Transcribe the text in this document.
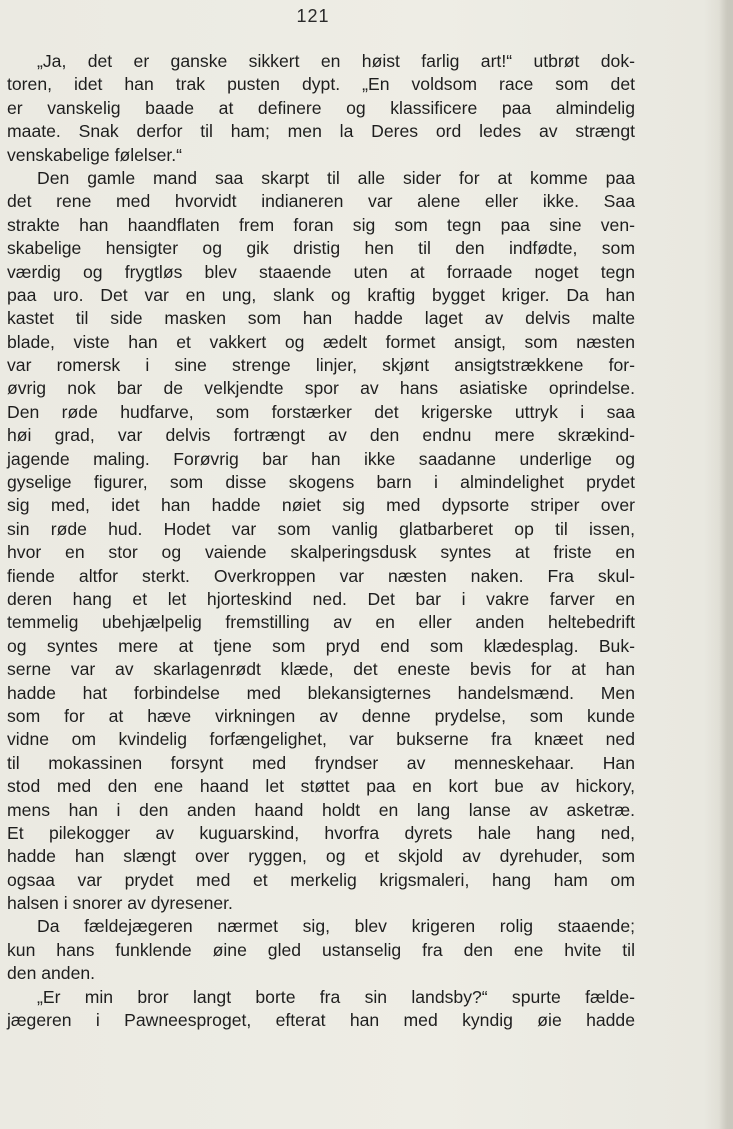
121

„Ja, det er ganske sikkert en høist farlig art!“ utbrøt dok-
toren, idet han trak pusten dypt. „En voldsom race som det
er vanskelig baade at definere og klassificere paa almindelig
maate. Snak derfor til ham; men la Deres ord ledes av strængt
venskabelige følelser.“
Den gamle mand saa skarpt til alle sider for at komme paa
det rene med hvorvidt indianeren var alene eller ikke. Saa
strakte han haandflaten frem foran sig som tegn paa sine ven-
skabelige hensigter og gik dristig hen til den indfødte, som
værdig og frygtløs blev staaende uten at forraade noget tegn
paa uro. Det var en ung, slank og kraftig bygget kriger. Da han
kastet til side masken som han hadde laget av delvis malte
blade, viste han et vakkert og ædelt formet ansigt, som næsten
var romersk i sine strenge linjer, skjønt ansigtstrækkene for-
øvrig nok bar de velkjendte spor av hans asiatiske oprindelse.
Den røde hudfarve, som forstærker det krigerske uttryk i saa
høi grad, var delvis fortrængt av den endnu mere skrækind-
jagende maling. Forøvrig bar han ikke saadanne underlige og
gyselige figurer, som disse skogens barn i almindelighet prydet
sig med, idet han hadde nøiet sig med dypsorte striper over
sin røde hud. Hodet var som vanlig glatbarberet op til issen,
hvor en stor og vaiende skalperingsdusk syntes at friste en
fiende altfor sterkt. Overkroppen var næsten naken. Fra skul-
deren hang et let hjorteskind ned. Det bar i vakre farver en
temmelig ubehjælpelig fremstilling av en eller anden heltebedrift
og syntes mere at tjene som pryd end som klædesplag. Buk-
serne var av skarlagenrødt klæde, det eneste bevis for at han
hadde hat forbindelse med blekansigternes handelsmænd. Men
som for at hæve virkningen av denne prydelse, som kunde
vidne om kvindelig forfængelighet, var bukserne fra knæet ned
til mokassinen forsynt med fryndser av menneskehaar. Han
stod med den ene haand let støttet paa en kort bue av hickory,
mens han i den anden haand holdt en lang lanse av asketræ.
Et pilekogger av kuguarskind, hvorfra dyrets hale hang ned,
hadde han slængt over ryggen, og et skjold av dyrehuder, som
ogsaa var prydet med et merkelig krigsmaleri, hang ham om
halsen i snorer av dyresener.
Da fældejægeren nærmet sig, blev krigeren rolig staaende;
kun hans funklende øine gled ustanselig fra den ene hvite til
den anden.
„Er min bror langt borte fra sin landsby?“ spurte fælde-
jægeren i Pawneesproget, efterat han med kyndig øie hadde
